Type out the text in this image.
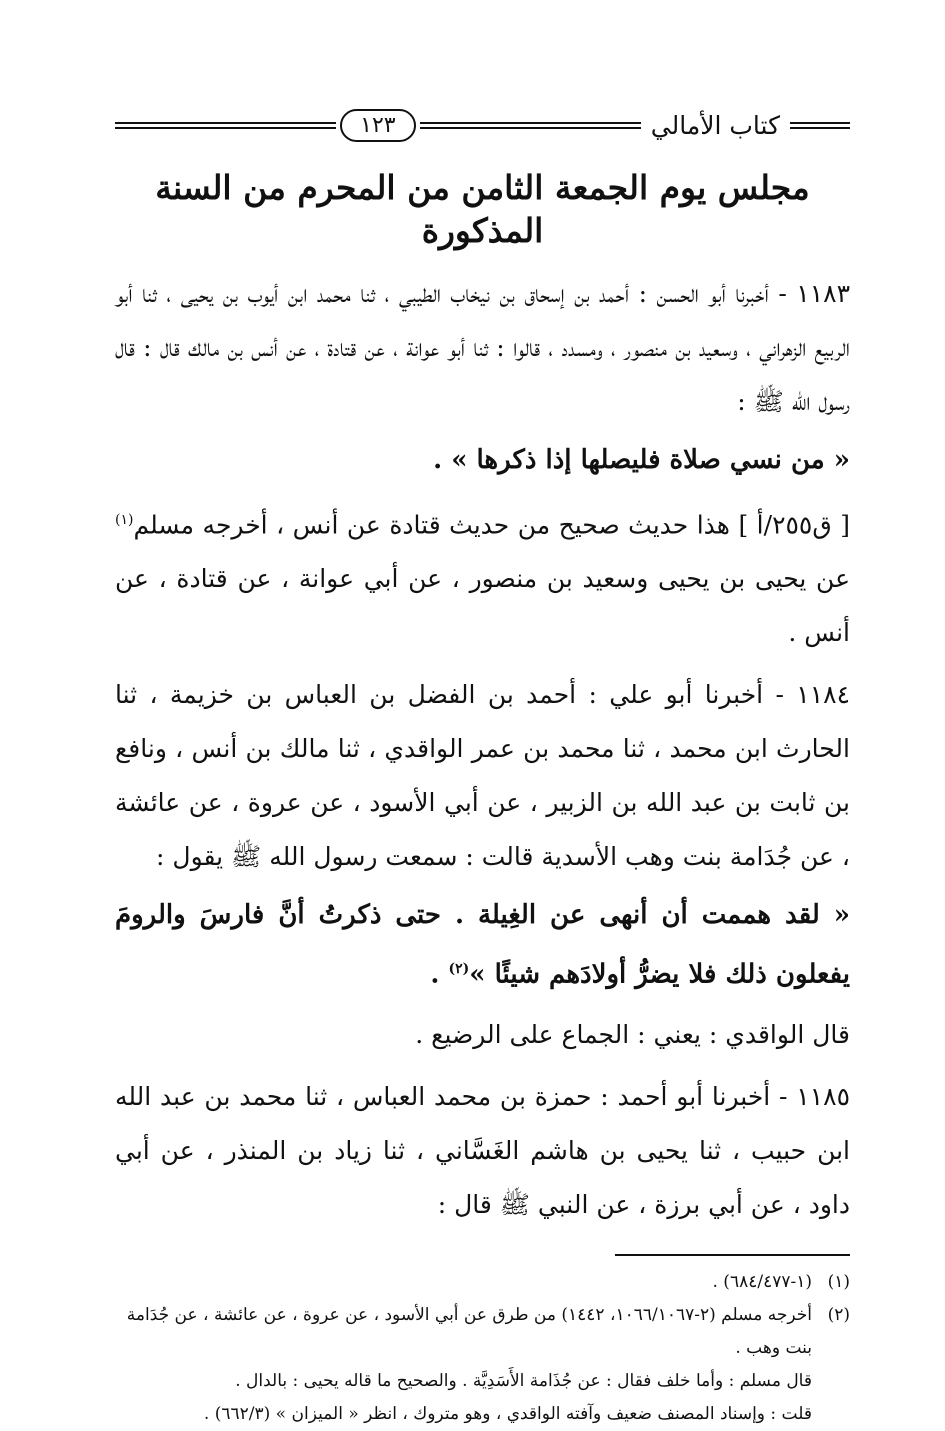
كتاب الأمالي
١٢٣
مجلس يوم الجمعة الثامن من المحرم من السنة المذكورة

١١٨٣ - أخبرنا أبو الحسن : أحمد بن إسحاق بن نيخاب الطيبي ، ثنا محمد ابن أيوب بن يحيى ، ثنا أبو الربيع الزهراني ، وسعيد بن منصور ، ومسدد ، قالوا : ثنا أبو عوانة ، عن قتادة ، عن أنس بن مالك قال : قال رسول الله ﷺ :

« من نسي صلاة فليصلها إذا ذكرها » .

[ ق٢٥٥/أ ] هذا حديث صحيح من حديث قتادة عن أنس ، أخرجه مسلم$^{(١)}$ عن يحيى بن يحيى وسعيد بن منصور ، عن أبي عوانة ، عن قتادة ، عن أنس .

١١٨٤ - أخبرنا أبو علي : أحمد بن الفضل بن العباس بن خزيمة ، ثنا الحارث ابن محمد ، ثنا محمد بن عمر الواقدي ، ثنا مالك بن أنس ، ونافع بن ثابت بن عبد الله بن الزبير ، عن أبي الأسود ، عن عروة ، عن عائشة ، عن جُدَامة بنت وهب الأسدية قالت : سمعت رسول الله ﷺ يقول :

« لقد هممت أن أنهى عن الغِيلة . حتى ذكرتُ أنَّ فارسَ والرومَ يفعلون ذلك فلا يضرُّ أولادَهم شيئًا »$^{(٢)}$ .

قال الواقدي : يعني : الجماع على الرضيع .

١١٨٥ - أخبرنا أبو أحمد : حمزة بن محمد العباس ، ثنا محمد بن عبد الله ابن حبيب ، ثنا يحيى بن هاشم الغَسَّاني ، ثنا زياد بن المنذر ، عن أبي داود ، عن أبي برزة ، عن النبي ﷺ قال :

(١)
(١-٦٨٤/٤٧٧) .
(٢)
أخرجه مسلم (٢-١٠٦٦/١٠٦٧، ١٤٤٢) من طرق عن أبي الأسود ، عن عروة ، عن عائشة ، عن جُدَامة بنت وهب .
قال مسلم : وأما خلف فقال : عن جُذَامة الأَسَدِيَّة . والصحيح ما قاله يحيى : بالدال .
قلت : وإسناد المصنف ضعيف وآفته الواقدي ، وهو متروك ، انظر « الميزان » (٦٦٢/٣) .
